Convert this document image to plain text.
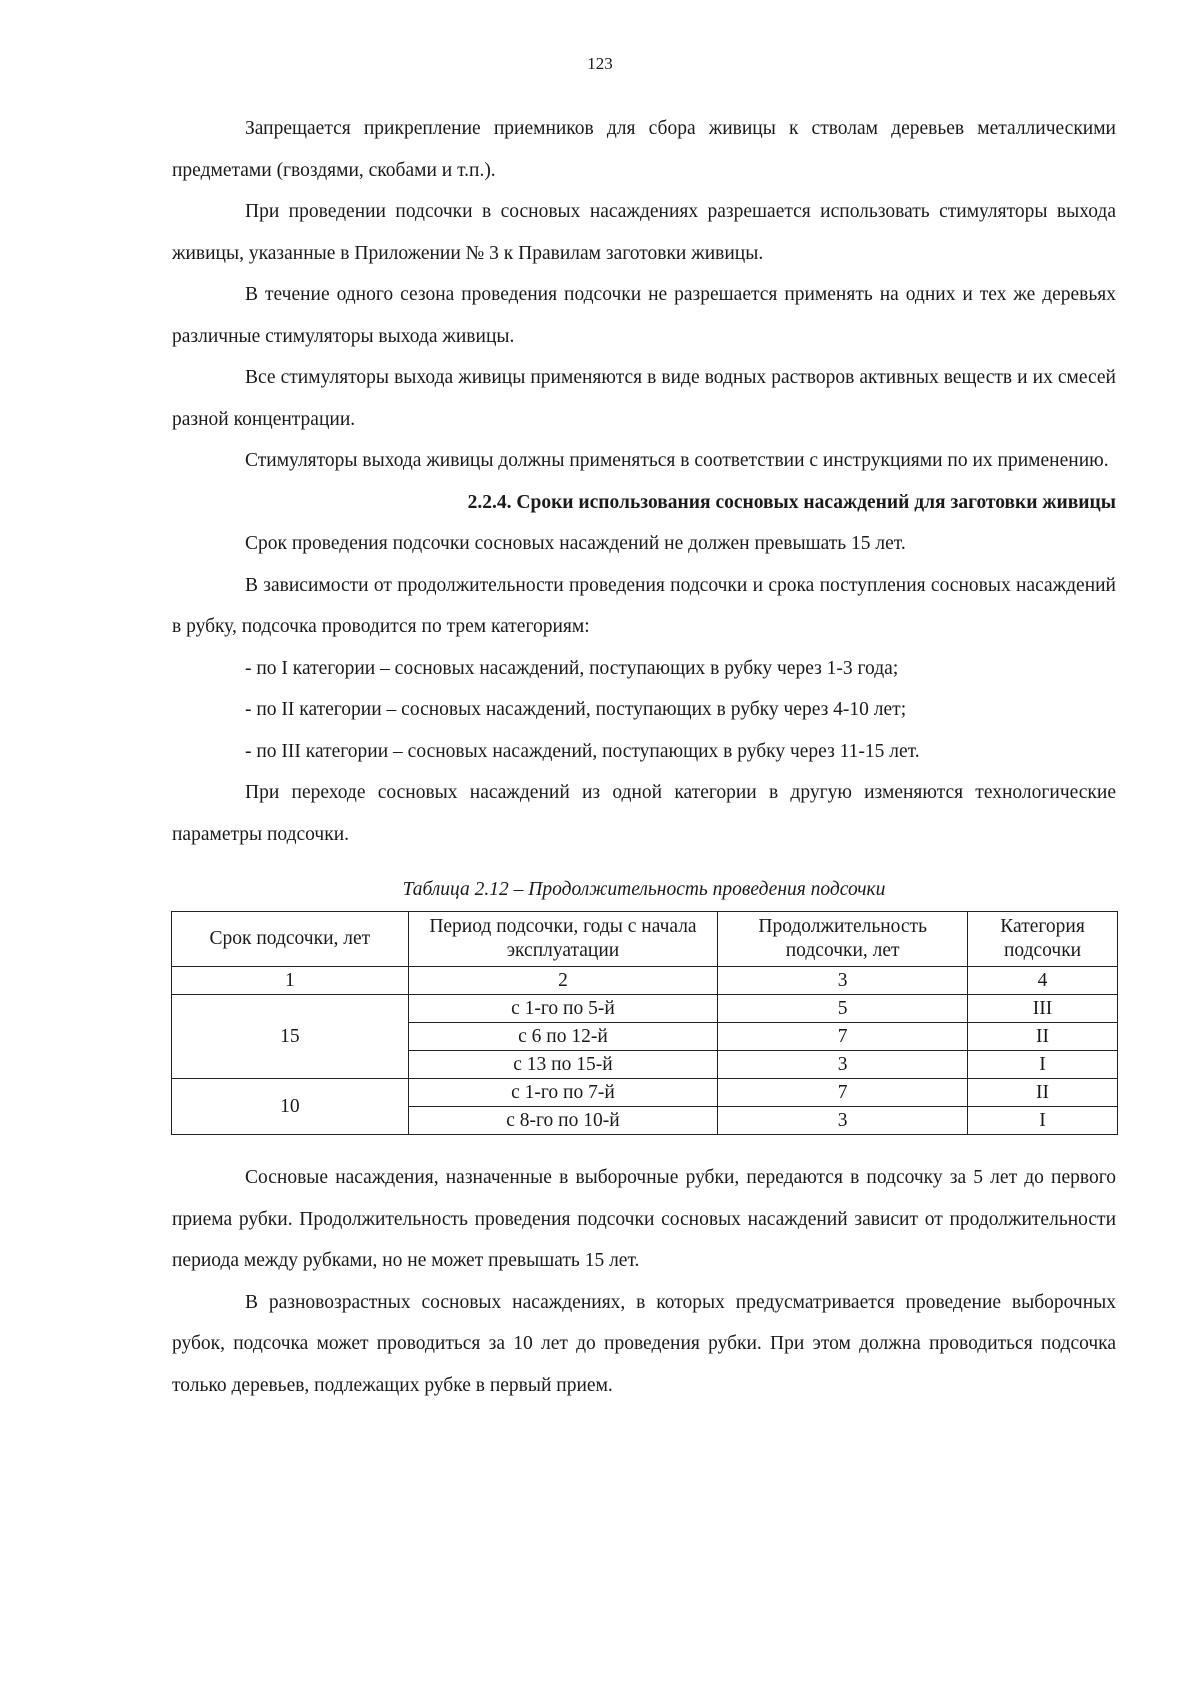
123

Запрещается прикрепление приемников для сбора живицы к стволам деревьев металлическими предметами (гвоздями, скобами и т.п.).

При проведении подсочки в сосновых насаждениях разрешается использовать стимуляторы выхода живицы, указанные в Приложении № 3 к Правилам заготовки живицы.

В течение одного сезона проведения подсочки не разрешается применять на одних и тех же деревьях различные стимуляторы выхода живицы.

Все стимуляторы выхода живицы применяются в виде водных растворов активных веществ и их смесей разной концентрации.

Стимуляторы выхода живицы должны применяться в соответствии с инструкциями по их применению.

2.2.4. Сроки использования сосновых насаждений для заготовки живицы

Срок проведения подсочки сосновых насаждений не должен превышать 15 лет.

В зависимости от продолжительности проведения подсочки и срока поступления сосновых насаждений в рубку, подсочка проводится по трем категориям:

- по I категории – сосновых насаждений, поступающих в рубку через 1-3 года;

- по II категории – сосновых насаждений, поступающих в рубку через 4-10 лет;

- по III категории – сосновых насаждений, поступающих в рубку через 11-15 лет.

При переходе сосновых насаждений из одной категории в другую изменяются технологические параметры подсочки.

Таблица 2.12 – Продолжительность проведения подсочки
Срок подсочки, лет	Период подсочки, годы с начала эксплуатации	Продолжительность подсочки, лет	Категория подсочки
1	2	3	4
15	с 1-го по 5-й	5	III
	с 6 по 12-й	7	II
	с 13 по 15-й	3	I
10	с 1-го по 7-й	7	II
	с 8-го по 10-й	3	I

Сосновые насаждения, назначенные в выборочные рубки, передаются в подсочку за 5 лет до первого приема рубки. Продолжительность проведения подсочки сосновых насаждений зависит от продолжительности периода между рубками, но не может превышать 15 лет.

В разновозрастных сосновых насаждениях, в которых предусматривается проведение выборочных рубок, подсочка может проводиться за 10 лет до проведения рубки. При этом должна проводиться подсочка только деревьев, подлежащих рубке в первый прием.
